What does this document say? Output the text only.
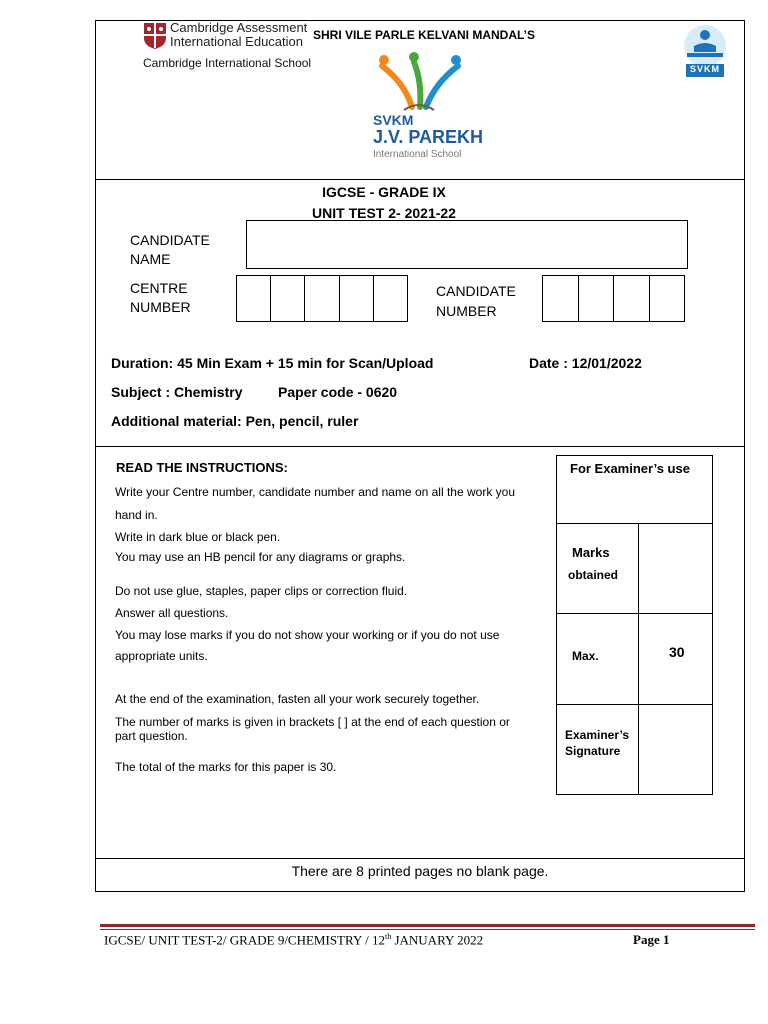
Cambridge Assessment
International Education
Cambridge International School
SHRI VILE PARLE KELVANI MANDAL’S
SVKM
J.V. PAREKH
International School
SVKM
IGCSE - GRADE IX
UNIT TEST 2- 2021-22
CANDIDATE
NAME
CENTRE
NUMBER
CANDIDATE
NUMBER
Duration: 45 Min Exam + 15 min for Scan/Upload	Date : 12/01/2022
Subject : Chemistry	Paper code - 0620
Additional material: Pen, pencil, ruler
READ THE INSTRUCTIONS:
Write your Centre number, candidate number and name on all the work you
hand in.
Write in dark blue or black pen.
You may use an HB pencil for any diagrams or graphs.
Do not use glue, staples, paper clips or correction fluid.
Answer all questions.
You may lose marks if you do not show your working or if you do not use
appropriate units.
At the end of the examination, fasten all your work securely together.
The number of marks is given in brackets [ ] at the end of each question or
part question.
The total of the marks for this paper is 30.
For Examiner’s use
Marks
obtained
Max.	30
Examiner’s
Signature
There are 8 printed pages no blank page.
IGCSE/ UNIT TEST-2/ GRADE 9/CHEMISTRY / 12th JANUARY 2022	Page 1
